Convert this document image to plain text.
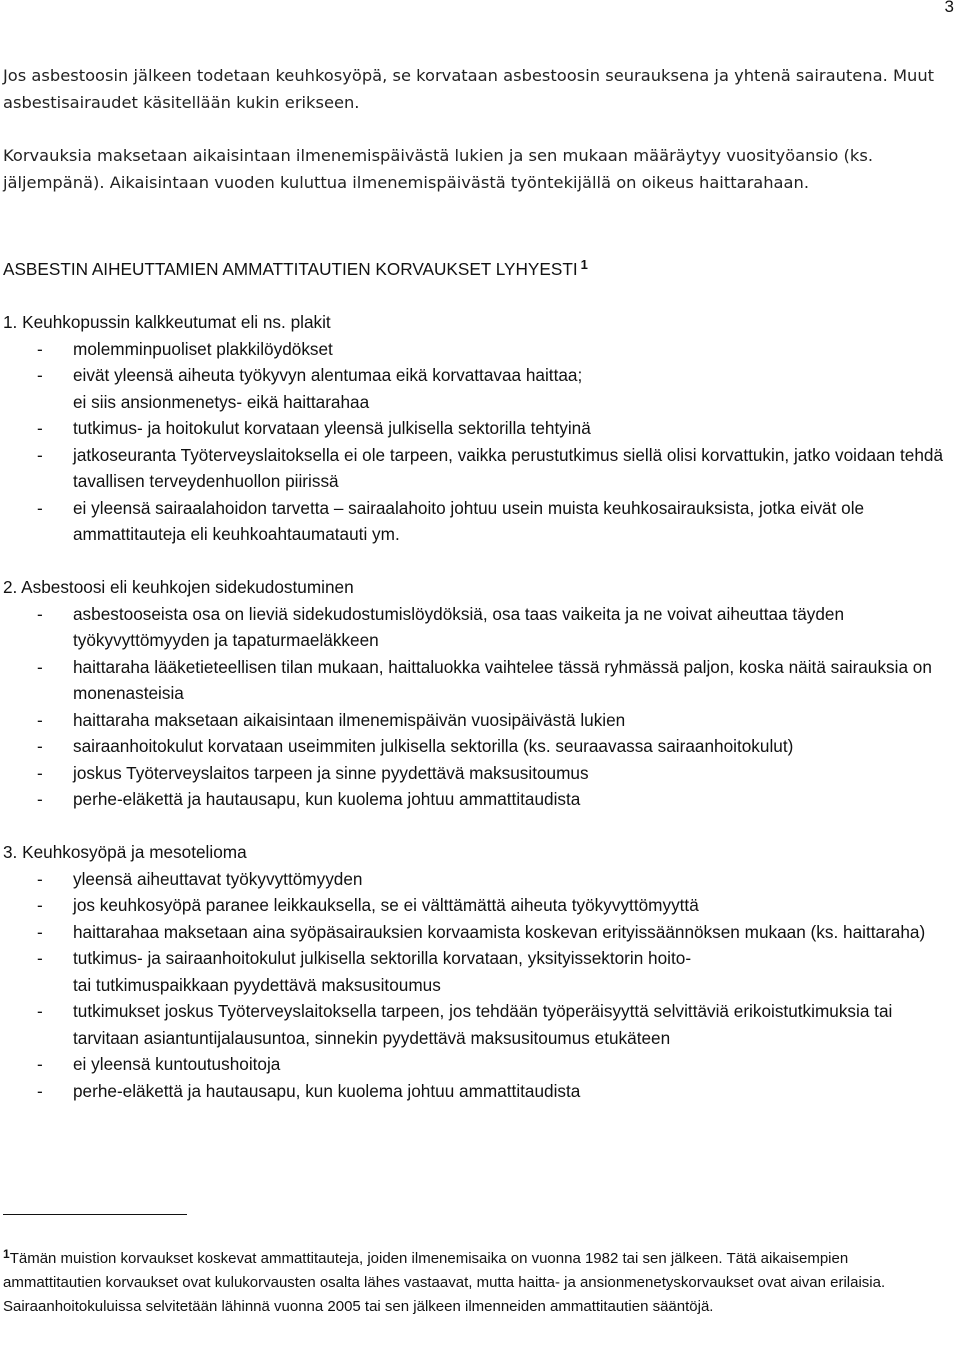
3

Jos asbestoosin jälkeen todetaan keuhkosyöpä, se korvataan asbestoosin seurauksena ja yhtenä sairautena. Muut asbestisairaudet käsitellään kukin erikseen.

Korvauksia maksetaan aikaisintaan ilmenemispäivästä lukien ja sen mukaan määräytyy vuosityöansio (ks. jäljempänä). Aikaisintaan vuoden kuluttua ilmenemispäivästä työntekijällä on oikeus haittarahaan.

ASBESTIN AIHEUTTAMIEN AMMATTITAUTIEN KORVAUKSET LYHYESTI $^1$
1. Keuhkopussin kalkkeutumat eli ns. plakit
- molemminpuoliset plakkilöydökset
- eivät yleensä aiheuta työkyvyn alentumaa eikä korvattavaa haittaa;
ei siis ansionmenetys- eikä haittarahaa
- tutkimus- ja hoitokulut korvataan yleensä julkisella sektorilla tehtyinä
- jatkoseuranta Työterveyslaitoksella ei ole tarpeen, vaikka perustutkimus siellä olisi korvattukin, jatko voidaan tehdä tavallisen terveydenhuollon piirissä
- ei yleensä sairaalahoidon tarvetta – sairaalahoito johtuu usein muista keuhkosairauksista, jotka eivät ole ammattitauteja eli keuhkoahtaumatauti ym.
2. Asbestoosi eli keuhkojen sidekudostuminen
- asbestooseista osa on lieviä sidekudostumislöydöksiä, osa taas vaikeita ja ne voivat aiheuttaa täyden työkyvyttömyyden ja tapaturmaeläkkeen
- haittaraha lääketieteellisen tilan mukaan, haittaluokka vaihtelee tässä ryhmässä paljon, koska näitä sairauksia on monenasteisia
- haittaraha maksetaan aikaisintaan ilmenemispäivän vuosipäivästä lukien
- sairaanhoitokulut korvataan useimmiten julkisella sektorilla (ks. seuraavassa sairaanhoitokulut)
- joskus Työterveyslaitos tarpeen ja sinne pyydettävä maksusitoumus
- perhe-eläkettä ja hautausapu, kun kuolema johtuu ammattitaudista
3. Keuhkosyöpä ja mesotelioma
- yleensä aiheuttavat työkyvyttömyyden
- jos keuhkosyöpä paranee leikkauksella, se ei välttämättä aiheuta työkyvyttömyyttä
- haittarahaa maksetaan aina syöpäsairauksien korvaamista koskevan erityissäännöksen mukaan (ks. haittaraha)
- tutkimus- ja sairaanhoitokulut julkisella sektorilla korvataan, yksityissektorin hoito-
tai tutkimuspaikkaan pyydettävä maksusitoumus
- tutkimukset joskus Työterveyslaitoksella tarpeen, jos tehdään työperäisyyttä selvittäviä erikoistutkimuksia tai tarvitaan asiantuntijalausuntoa, sinnekin pyydettävä maksusitoumus etukäteen
- ei yleensä kuntoutushoitoja
- perhe-eläkettä ja hautausapu, kun kuolema johtuu ammattitaudista

$^1$Tämän muistion korvaukset koskevat ammattitauteja, joiden ilmenemisaika on vuonna 1982 tai sen jälkeen. Tätä aikaisempien ammattitautien korvaukset ovat kulukorvausten osalta lähes vastaavat, mutta haitta- ja ansionmenetyskorvaukset ovat aivan erilaisia. Sairaanhoitokuluissa selvitetään lähinnä vuonna 2005 tai sen jälkeen ilmenneiden ammattitautien sääntöjä.
